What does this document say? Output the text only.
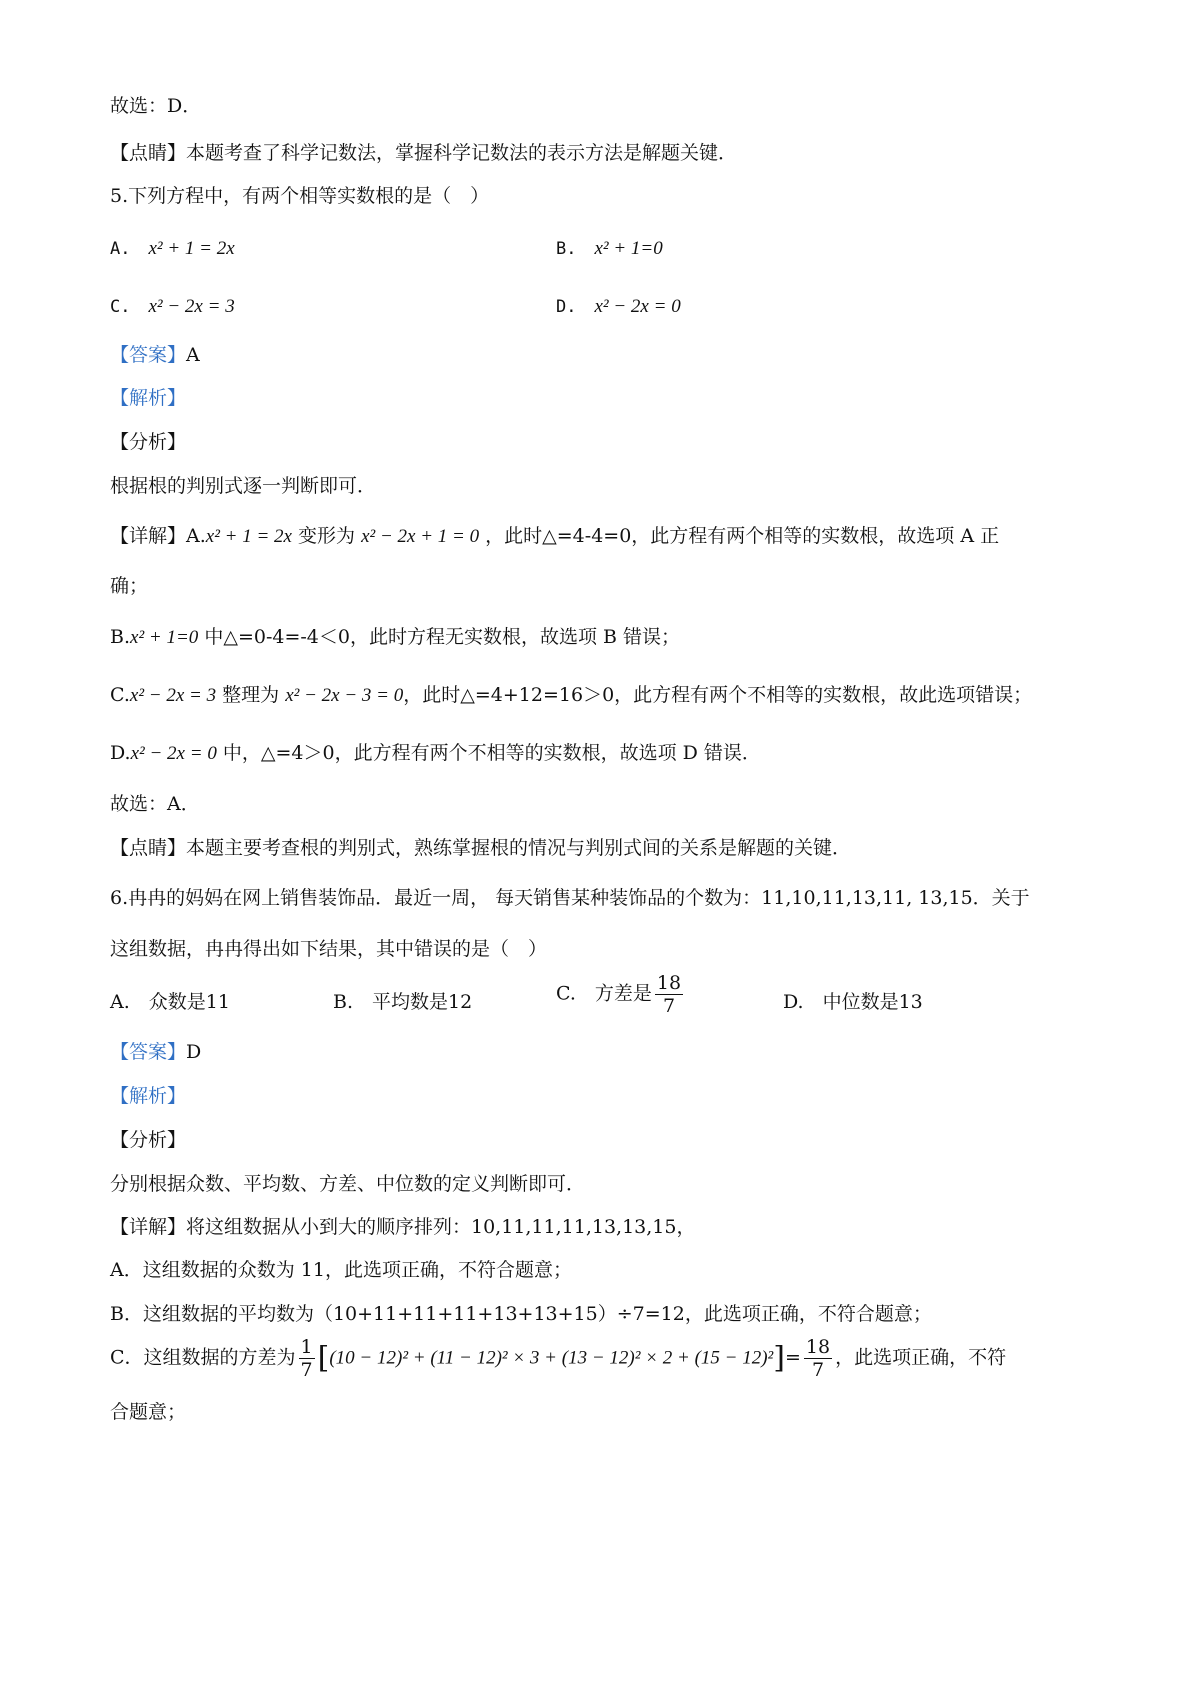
故选：D．
【点睛】本题考查了科学记数法，掌握科学记数法的表示方法是解题关键．
5.下列方程中，有两个相等实数根的是（　）
A. x² + 1 = 2x	B. x² + 1=0
C. x² − 2x = 3	D. x² − 2x = 0
【答案】A
【解析】
【分析】
根据根的判别式逐一判断即可．
【详解】A.x² + 1 = 2x 变形为 x² − 2x + 1 = 0 ，此时△=4-4=0，此方程有两个相等的实数根，故选项 A 正
确；
B.x² + 1=0 中△=0-4=-4＜0，此时方程无实数根，故选项 B 错误；
C.x² − 2x = 3 整理为 x² − 2x − 3 = 0，此时△=4+12=16＞0，此方程有两个不相等的实数根，故此选项错误；
D.x² − 2x = 0 中，△=4＞0，此方程有两个不相等的实数根，故选项 D 错误．
故选：A．
【点睛】本题主要考查根的判别式，熟练掌握根的情况与判别式间的关系是解题的关键．
6.冉冉的妈妈在网上销售装饰品．最近一周， 每天销售某种装饰品的个数为：11,10,11,13,11, 13,15．关于
这组数据，冉冉得出如下结果，其中错误的是（　）
A.　众数是11	B.　平均数是12	C.　方差是 $\frac{18}{7}$	D.　中位数是13
【答案】D
【解析】
【分析】
分别根据众数、平均数、方差、中位数的定义判断即可．
【详解】将这组数据从小到大的顺序排列：10,11,11,11,13,13,15，
A．这组数据的众数为 11，此选项正确，不符合题意；
B．这组数据的平均数为（10+11+11+11+13+13+15）÷7=12，此选项正确，不符合题意；
C．这组数据的方差为 $\frac{1}{7} [(10 - 12)^2 + (11 - 12)^2 \times 3 + (13 - 12)^2 \times 2 + (15 - 12)^2]= \frac{18}{7}$ ，此选项正确，不符
合题意；
